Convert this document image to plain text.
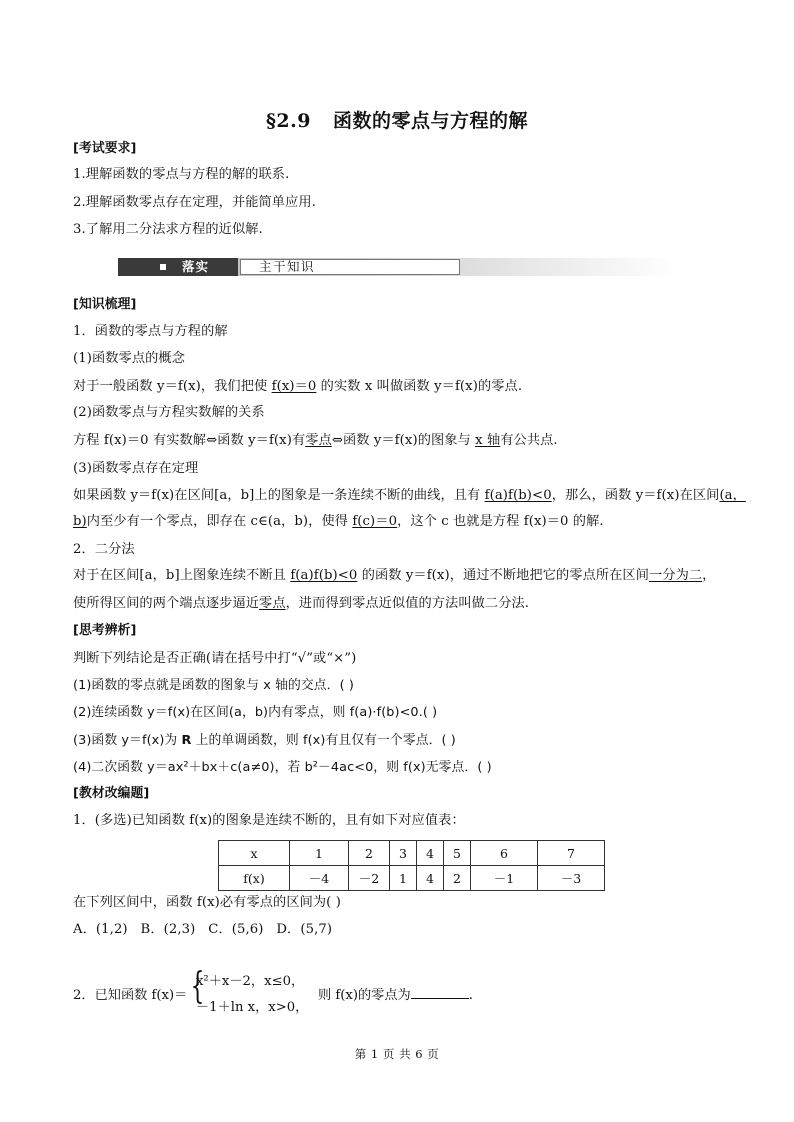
§2.9 函数的零点与方程的解
[考试要求]
1.理解函数的零点与方程的解的联系.
2.理解函数零点存在定理，并能简单应用.
3.了解用二分法求方程的近似解.
落实	主干知识
[知识梳理]
1．函数的零点与方程的解
(1)函数零点的概念
对于一般函数 y＝f(x)，我们把使 f(x)＝0 的实数 x 叫做函数 y＝f(x)的零点.
(2)函数零点与方程实数解的关系
方程 f(x)＝0 有实数解⇔函数 y＝f(x)有零点⇔函数 y＝f(x)的图象与 x 轴有公共点.
(3)函数零点存在定理
如果函数 y＝f(x)在区间[a，b]上的图象是一条连续不断的曲线，且有 f(a)f(b)<0，那么，函数 y＝f(x)在区间(a，
b)内至少有一个零点，即存在 c∈(a，b)，使得 f(c)＝0，这个 c 也就是方程 f(x)＝0 的解.
2．二分法
对于在区间[a，b]上图象连续不断且 f(a)f(b)<0 的函数 y＝f(x)，通过不断地把它的零点所在区间一分为二，
使所得区间的两个端点逐步逼近零点，进而得到零点近似值的方法叫做二分法.
[思考辨析]
判断下列结论是否正确(请在括号中打“√”或“×”)
(1)函数的零点就是函数的图象与 x 轴的交点．( )
(2)连续函数 y＝f(x)在区间(a，b)内有零点，则 f(a)·f(b)<0.( )
(3)函数 y＝f(x)为 R 上的单调函数，则 f(x)有且仅有一个零点．( )
(4)二次函数 y＝ax²＋bx＋c(a≠0)，若 b²－4ac<0，则 f(x)无零点．( )
[教材改编题]
1．(多选)已知函数 f(x)的图象是连续不断的，且有如下对应值表：
x	1	2	3	4	5	6	7
f(x)	－4	－2	1	4	2	－1	－3
在下列区间中，函数 f(x)必有零点的区间为( )
A．(1,2)   B．(2,3)   C．(5,6)   D．(5,7)
2．已知函数 f(x)＝ {
x²＋x－2，x≤0，
－1＋ln x，x>0，
则 f(x)的零点为	.
第 1 页 共 6 页
